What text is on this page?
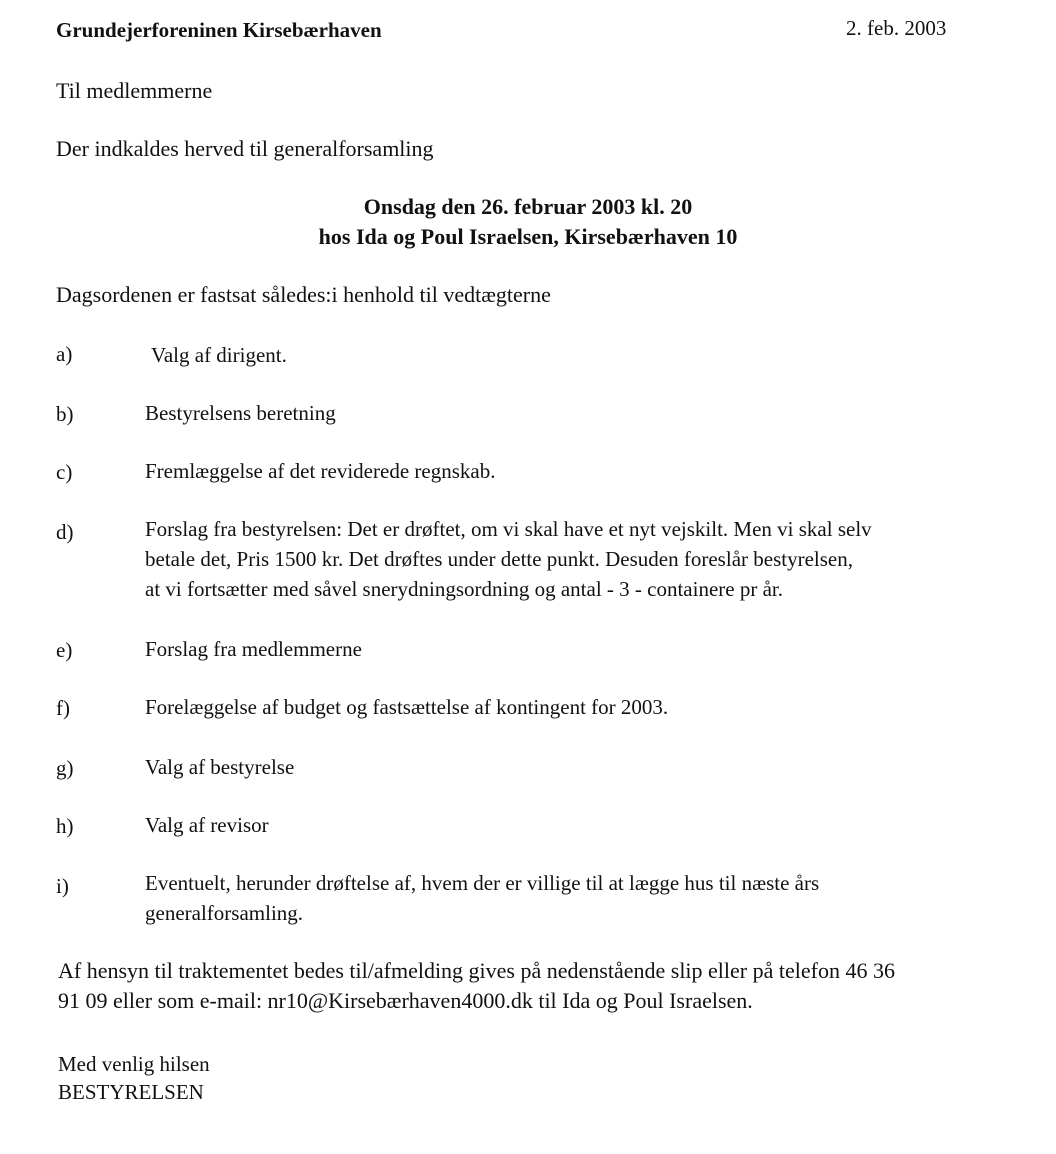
Grundejerforeninen Kirsebærhaven	2. feb. 2003
Til medlemmerne
Der indkaldes herved til generalforsamling
Onsdag den 26. februar 2003 kl. 20
hos Ida og Poul Israelsen, Kirsebærhaven 10
Dagsordenen er fastsat således:i henhold til vedtægterne
a)	Valg af dirigent.
b)	Bestyrelsens beretning
c)	Fremlæggelse af det reviderede regnskab.
d)	Forslag fra bestyrelsen: Det er drøftet, om vi skal have et nyt vejskilt. Men vi skal selv
betale det, Pris 1500 kr. Det drøftes under dette punkt. Desuden foreslår bestyrelsen,
at vi fortsætter med såvel snerydningsordning og antal - 3 - containere pr år.
e)	Forslag fra medlemmerne
f)	Forelæggelse af budget og fastsættelse af kontingent for 2003.
g)	Valg af bestyrelse
h)	Valg af revisor
i)	Eventuelt, herunder drøftelse af, hvem der er villige til at lægge hus til næste års
generalforsamling.
Af hensyn til traktementet bedes til/afmelding gives på nedenstående slip eller på telefon 46 36
91 09 eller som e-mail: nr10@Kirsebærhaven4000.dk til Ida og Poul Israelsen.
Med venlig hilsen
BESTYRELSEN
